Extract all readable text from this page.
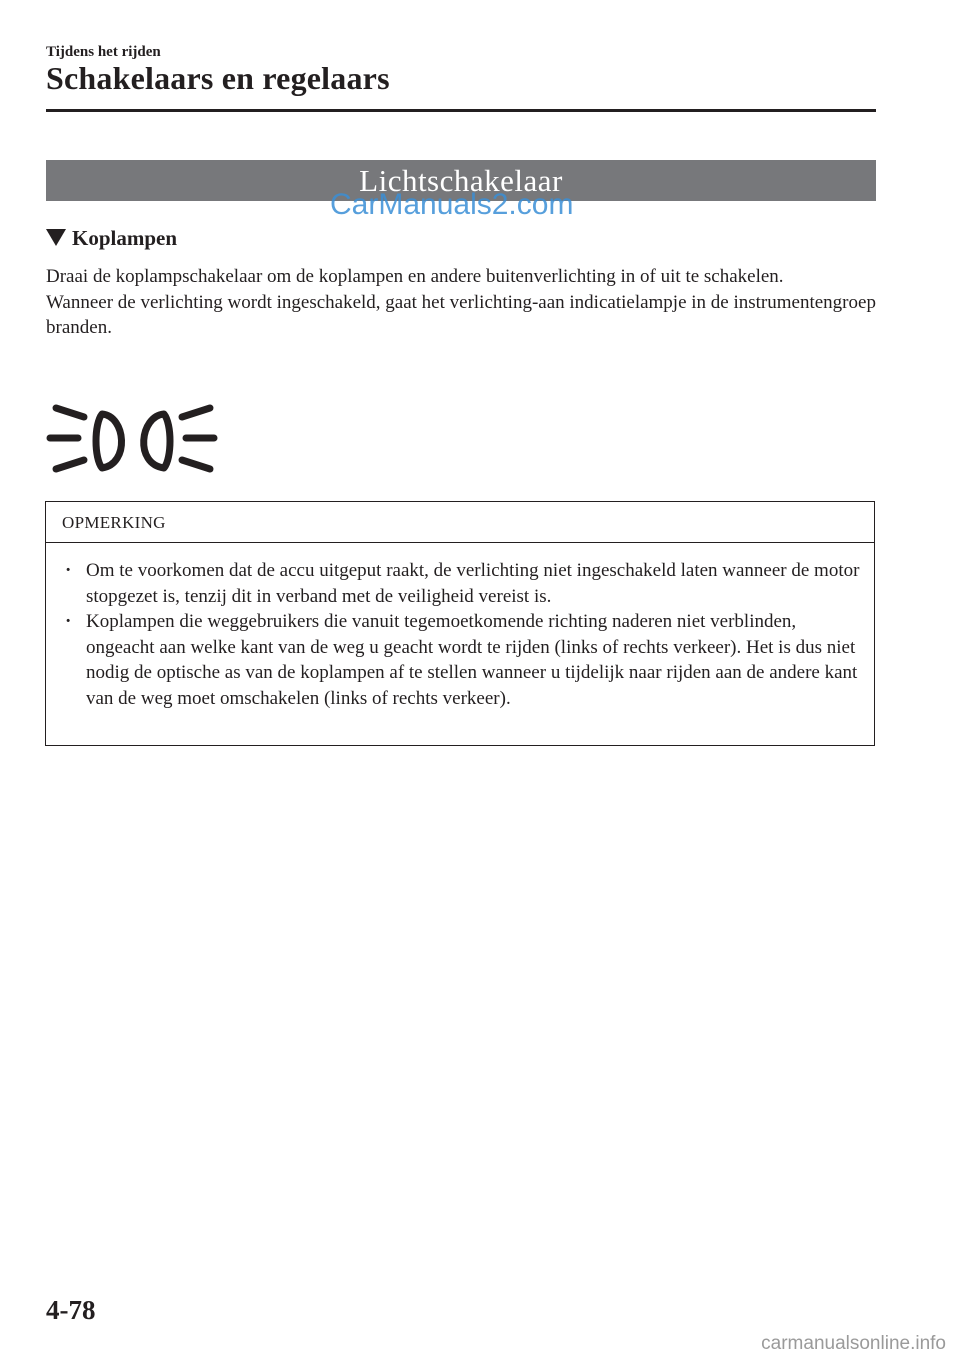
Tijdens het rijden
Schakelaars en regelaars
Lichtschakelaar
CarManuals2.com
Koplampen

Draai de koplampschakelaar om de koplampen en andere buitenverlichting in of uit te schakelen.

Wanneer de verlichting wordt ingeschakeld, gaat het verlichting-aan indicatielampje in de instrumentengroep branden.

OPMERKING
· Om te voorkomen dat de accu uitgeput raakt, de verlichting niet ingeschakeld laten wanneer de motor stopgezet is, tenzij dit in verband met de veiligheid vereist is.
· Koplampen die weggebruikers die vanuit tegemoetkomende richting naderen niet verblinden, ongeacht aan welke kant van de weg u geacht wordt te rijden (links of rechts verkeer). Het is dus niet nodig de optische as van de koplampen af te stellen wanneer u tijdelijk naar rijden aan de andere kant van de weg moet omschakelen (links of rechts verkeer).
4-78
carmanualsonline.info
